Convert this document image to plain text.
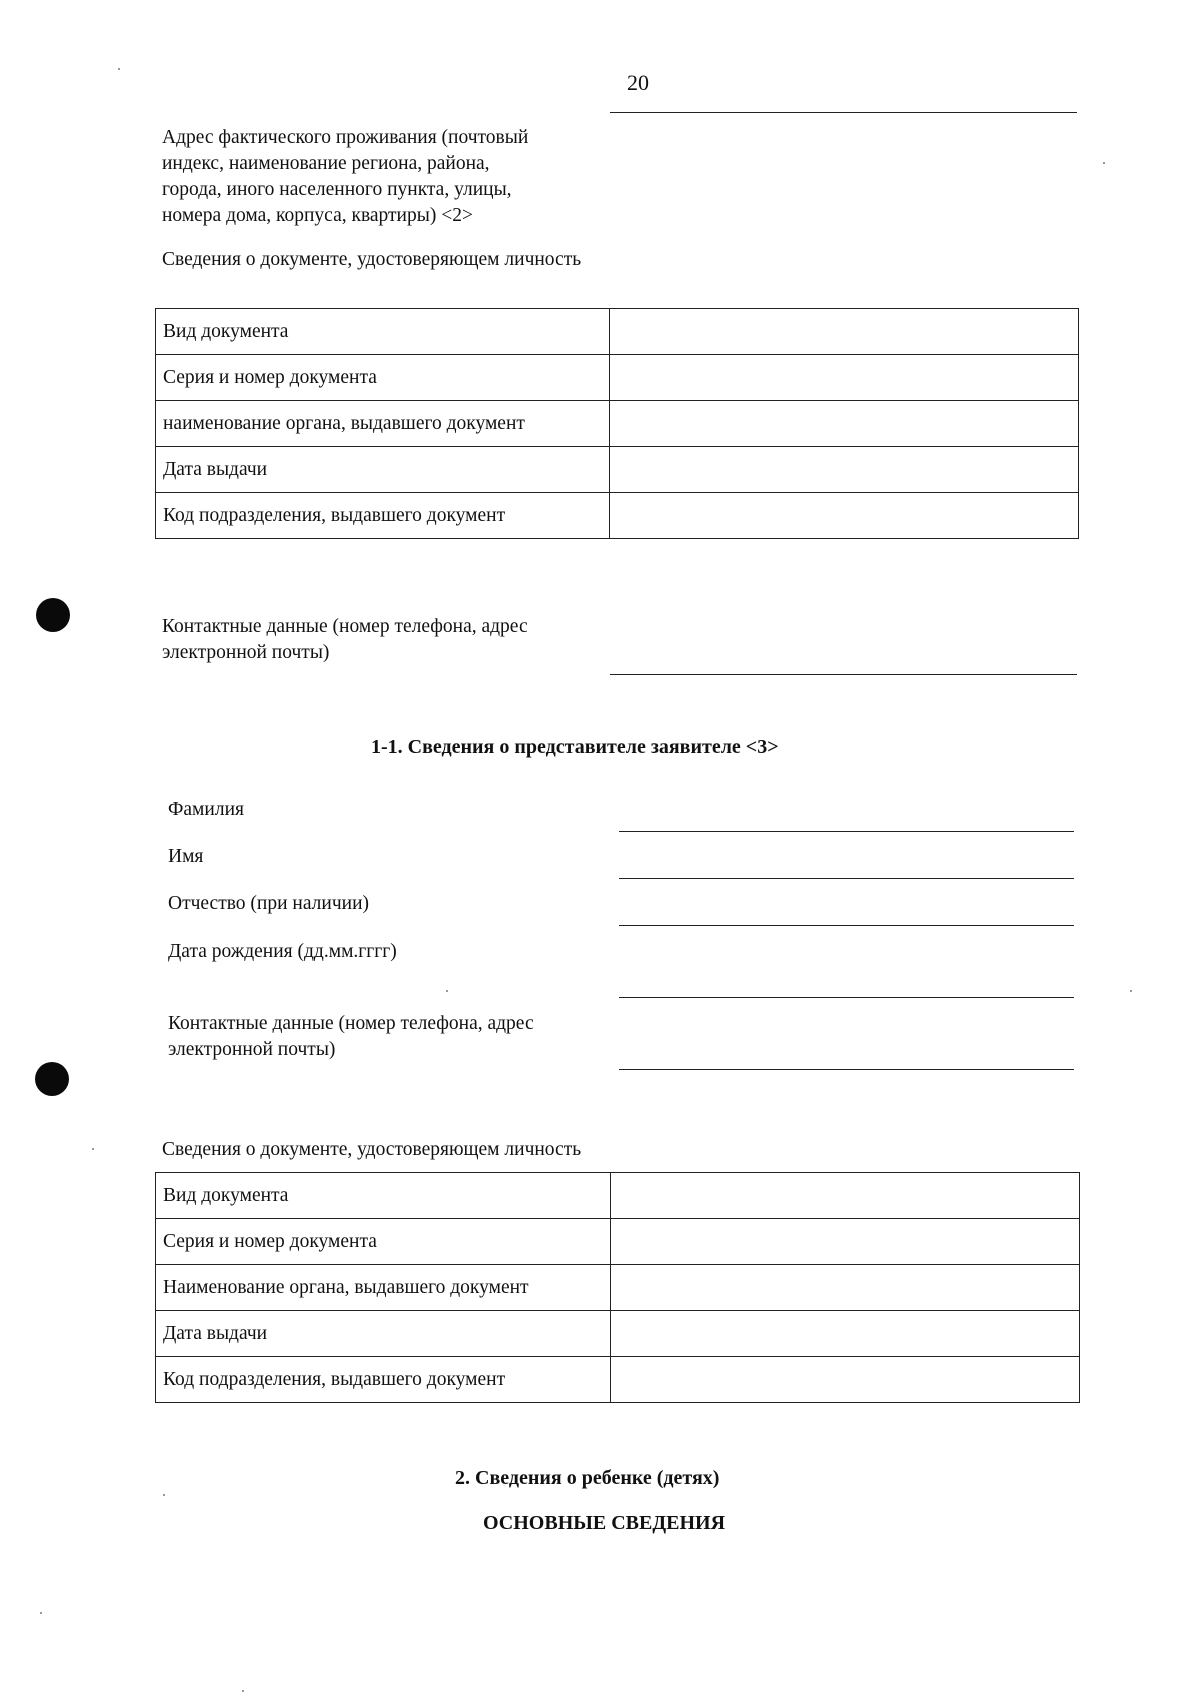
20
Адрес фактического проживания (почтовый
индекс, наименование региона, района,
города, иного населенного пункта, улицы,
номера дома, корпуса, квартиры) <2>
Сведения о документе, удостоверяющем личность
Вид документа	
Серия и номер документа	
наименование органа, выдавшего документ	
Дата выдачи	
Код подразделения, выдавшего документ	
Контактные данные (номер телефона, адрес
электронной почты)
1-1. Сведения о представителе заявителе <3>
Фамилия
Имя
Отчество (при наличии)
Дата рождения (дд.мм.гггг)
Контактные данные (номер телефона, адрес
электронной почты)
Сведения о документе, удостоверяющем личность
Вид документа	
Серия и номер документа	
Наименование органа, выдавшего документ	
Дата выдачи	
Код подразделения, выдавшего документ	
2. Сведения о ребенке (детях)
ОСНОВНЫЕ СВЕДЕНИЯ
